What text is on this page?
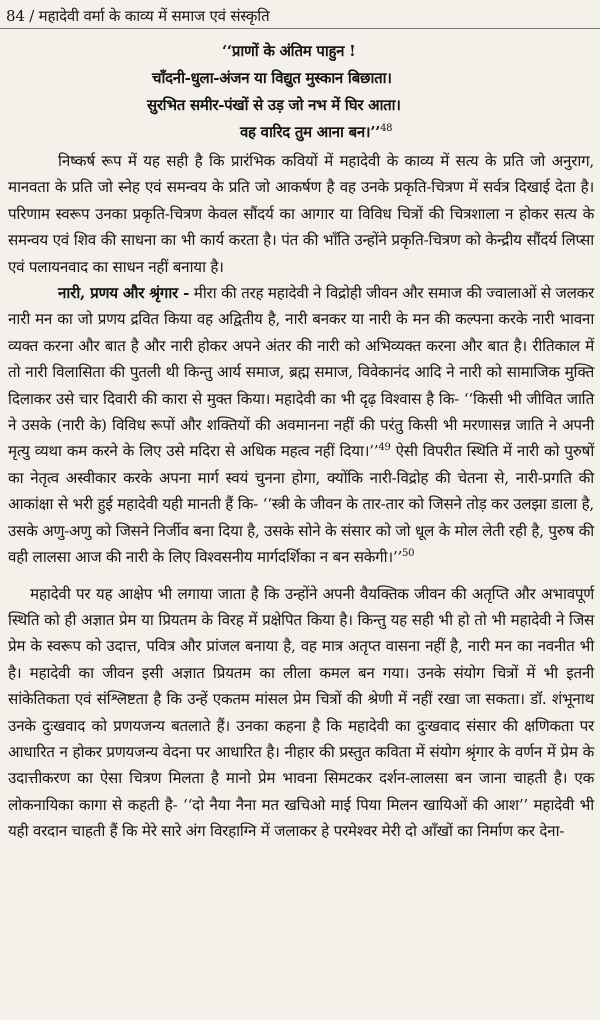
84 / महादेवी वर्मा के काव्य में समाज एवं संस्कृति
‘‘प्राणों के अंतिम पाहुन !
चाँदनी-धुला-अंजन या विद्युत मुस्कान बिछाता।
सुरभित समीर-पंखों से उड़ जो नभ में घिर आता।
वह वारिद तुम आना बन।’’$^{48}$

निष्कर्ष रूप में यह सही है कि प्रारंभिक कवियों में महादेवी के काव्य में सत्य के प्रति जो अनुराग, मानवता के प्रति जो स्नेह एवं समन्वय के प्रति जो आकर्षण है वह उनके प्रकृति-चित्रण में सर्वत्र दिखाई देता है। परिणाम स्वरूप उनका प्रकृति-चित्रण केवल सौंदर्य का आगार या विविध चित्रों की चित्रशाला न होकर सत्य के समन्वय एवं शिव की साधना का भी कार्य करता है। पंत की भाँति उन्होंने प्रकृति-चित्रण को केन्द्रीय सौंदर्य लिप्सा एवं पलायनवाद का साधन नहीं बनाया है।

नारी, प्रणय और श्रृंगार - मीरा की तरह महादेवी ने विद्रोही जीवन और समाज की ज्वालाओं से जलकर नारी मन का जो प्रणय द्रवित किया वह अद्वितीय है, नारी बनकर या नारी के मन की कल्पना करके नारी भावना व्यक्त करना और बात है और नारी होकर अपने अंतर की नारी को अभिव्यक्त करना और बात है। रीतिकाल में तो नारी विलासिता की पुतली थी किन्तु आर्य समाज, ब्रह्म समाज, विवेकानंद आदि ने नारी को सामाजिक मुक्ति दिलाकर उसे चार दिवारी की कारा से मुक्त किया। महादेवी का भी दृढ़ विश्वास है कि- ‘‘किसी भी जीवित जाति ने उसके (नारी के) विविध रूपों और शक्तियों की अवमानना नहीं की परंतु किसी भी मरणासन्न जाति ने अपनी मृत्यु व्यथा कम करने के लिए उसे मदिरा से अधिक महत्व नहीं दिया।’’$^{49}$ ऐसी विपरीत स्थिति में नारी को पुरुषों का नेतृत्व अस्वीकार करके अपना मार्ग स्वयं चुनना होगा, क्योंकि नारी-विद्रोह की चेतना से, नारी-प्रगति की आकांक्षा से भरी हुई महादेवी यही मानती हैं कि- ‘‘स्त्री के जीवन के तार-तार को जिसने तोड़ कर उलझा डाला है, उसके अणु-अणु को जिसने निर्जीव बना दिया है, उसके सोने के संसार को जो धूल के मोल लेती रही है, पुरुष की वही लालसा आज की नारी के लिए विश्वसनीय मार्गदर्शिका न बन सकेगी।’’$^{50}$

महादेवी पर यह आक्षेप भी लगाया जाता है कि उन्होंने अपनी वैयक्तिक जीवन की अतृप्ति और अभावपूर्ण स्थिति को ही अज्ञात प्रेम या प्रियतम के विरह में प्रक्षेपित किया है। किन्तु यह सही भी हो तो भी महादेवी ने जिस प्रेम के स्वरूप को उदात्त, पवित्र और प्रांजल बनाया है, वह मात्र अतृप्त वासना नहीं है, नारी मन का नवनीत भी है। महादेवी का जीवन इसी अज्ञात प्रियतम का लीला कमल बन गया। उनके संयोग चित्रों में भी इतनी सांकेतिकता एवं संश्लिष्टता है कि उन्हें एकतम मांसल प्रेम चित्रों की श्रेणी में नहीं रखा जा सकता। डॉ. शंभूनाथ उनके दुःखवाद को प्रणयजन्य बतलाते हैं। उनका कहना है कि महादेवी का दुःखवाद संसार की क्षणिकता पर आधारित न होकर प्रणयजन्य वेदना पर आधारित है। नीहार की प्रस्तुत कविता में संयोग श्रृंगार के वर्णन में प्रेम के उदात्तीकरण का ऐसा चित्रण मिलता है मानो प्रेम भावना सिमटकर दर्शन-लालसा बन जाना चाहती है। एक लोकनायिका कागा से कहती है- ‘‘दो नैया नैना मत खचिओ माई पिया मिलन खायिओं की आश’’ महादेवी भी यही वरदान चाहती हैं कि मेरे सारे अंग विरहाग्नि में जलाकर हे परमेश्वर मेरी दो आँखों का निर्माण कर देना-
